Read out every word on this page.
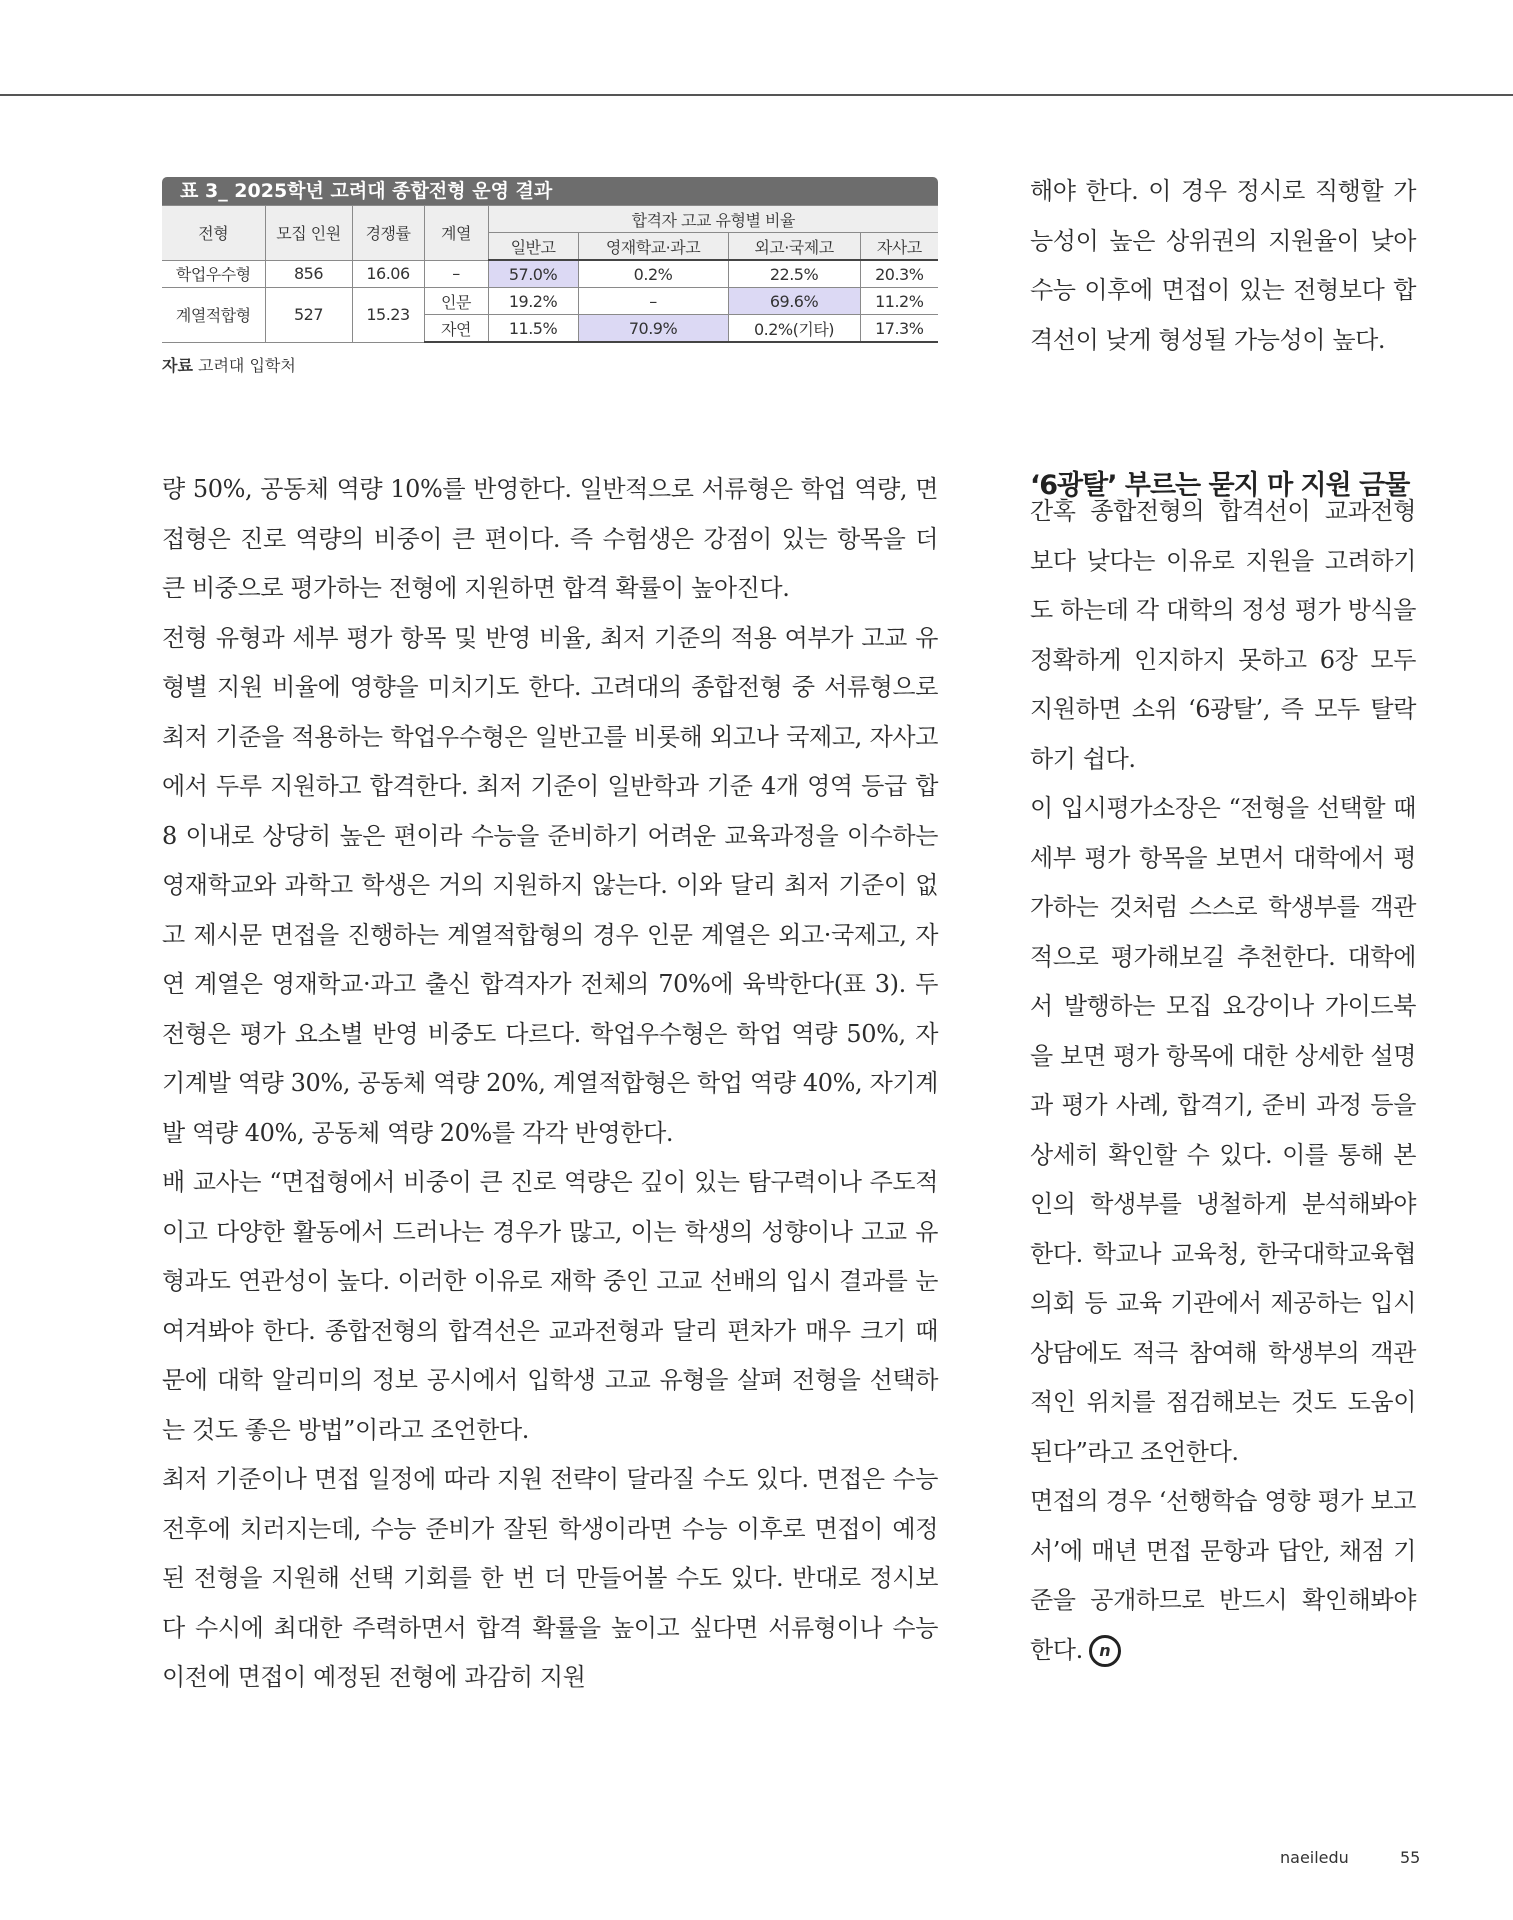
표 3_ 2025학년 고려대 종합전형 운영 결과
전형	모집 인원	경쟁률	계열	합격자 고교 유형별 비율			
				일반고	영재학교·과고	외고·국제고	자사고
학업우수형	856	16.06	–	57.0%	0.2%	22.5%	20.3%
계열적합형	527	15.23	인문	19.2%	–	69.6%	11.2%
			자연	11.5%	70.9%	0.2%(기타)	17.3%
자료 고려대 입학처

량 50%, 공동체 역량 10%를 반영한다. 일반적으로 서류형은 학업 역량, 면접형은 진로 역량의 비중이 큰 편이다. 즉 수험생은 강점이 있는 항목을 더 큰 비중으로 평가하는 전형에 지원하면 합격 확률이 높아진다.

전형 유형과 세부 평가 항목 및 반영 비율, 최저 기준의 적용 여부가 고교 유형별 지원 비율에 영향을 미치기도 한다. 고려대의 종합전형 중 서류형으로 최저 기준을 적용하는 학업우수형은 일반고를 비롯해 외고나 국제고, 자사고에서 두루 지원하고 합격한다. 최저 기준이 일반학과 기준 4개 영역 등급 합 8 이내로 상당히 높은 편이라 수능을 준비하기 어려운 교육과정을 이수하는 영재학교와 과학고 학생은 거의 지원하지 않는다. 이와 달리 최저 기준이 없고 제시문 면접을 진행하는 계열적합형의 경우 인문 계열은 외고·국제고, 자연 계열은 영재학교·과고 출신 합격자가 전체의 70%에 육박한다(표 3). 두 전형은 평가 요소별 반영 비중도 다르다. 학업우수형은 학업 역량 50%, 자기계발 역량 30%, 공동체 역량 20%, 계열적합형은 학업 역량 40%, 자기계발 역량 40%, 공동체 역량 20%를 각각 반영한다.

배 교사는 “면접형에서 비중이 큰 진로 역량은 깊이 있는 탐구력이나 주도적이고 다양한 활동에서 드러나는 경우가 많고, 이는 학생의 성향이나 고교 유형과도 연관성이 높다. 이러한 이유로 재학 중인 고교 선배의 입시 결과를 눈여겨봐야 한다. 종합전형의 합격선은 교과전형과 달리 편차가 매우 크기 때문에 대학 알리미의 정보 공시에서 입학생 고교 유형을 살펴 전형을 선택하는 것도 좋은 방법”이라고 조언한다.

최저 기준이나 면접 일정에 따라 지원 전략이 달라질 수도 있다. 면접은 수능 전후에 치러지는데, 수능 준비가 잘된 학생이라면 수능 이후로 면접이 예정된 전형을 지원해 선택 기회를 한 번 더 만들어볼 수도 있다. 반대로 정시보다 수시에 최대한 주력하면서 합격 확률을 높이고 싶다면 서류형이나 수능 이전에 면접이 예정된 전형에 과감히 지원

해야 한다. 이 경우 정시로 직행할 가능성이 높은 상위권의 지원율이 낮아 수능 이후에 면접이 있는 전형보다 합격선이 낮게 형성될 가능성이 높다.

‘6광탈’ 부르는 묻지 마 지원 금물

간혹 종합전형의 합격선이 교과전형보다 낮다는 이유로 지원을 고려하기도 하는데 각 대학의 정성 평가 방식을 정확하게 인지하지 못하고 6장 모두 지원하면 소위 ‘6광탈’, 즉 모두 탈락하기 쉽다.

이 입시평가소장은 “전형을 선택할 때 세부 평가 항목을 보면서 대학에서 평가하는 것처럼 스스로 학생부를 객관적으로 평가해보길 추천한다. 대학에서 발행하는 모집 요강이나 가이드북을 보면 평가 항목에 대한 상세한 설명과 평가 사례, 합격기, 준비 과정 등을 상세히 확인할 수 있다. 이를 통해 본인의 학생부를 냉철하게 분석해봐야 한다. 학교나 교육청, 한국대학교육협의회 등 교육 기관에서 제공하는 입시 상담에도 적극 참여해 학생부의 객관적인 위치를 점검해보는 것도 도움이 된다”라고 조언한다.

면접의 경우 ‘선행학습 영향 평가 보고서’에 매년 면접 문항과 답안, 채점 기준을 공개하므로 반드시 확인해봐야 한다. n

naeiledu	55
